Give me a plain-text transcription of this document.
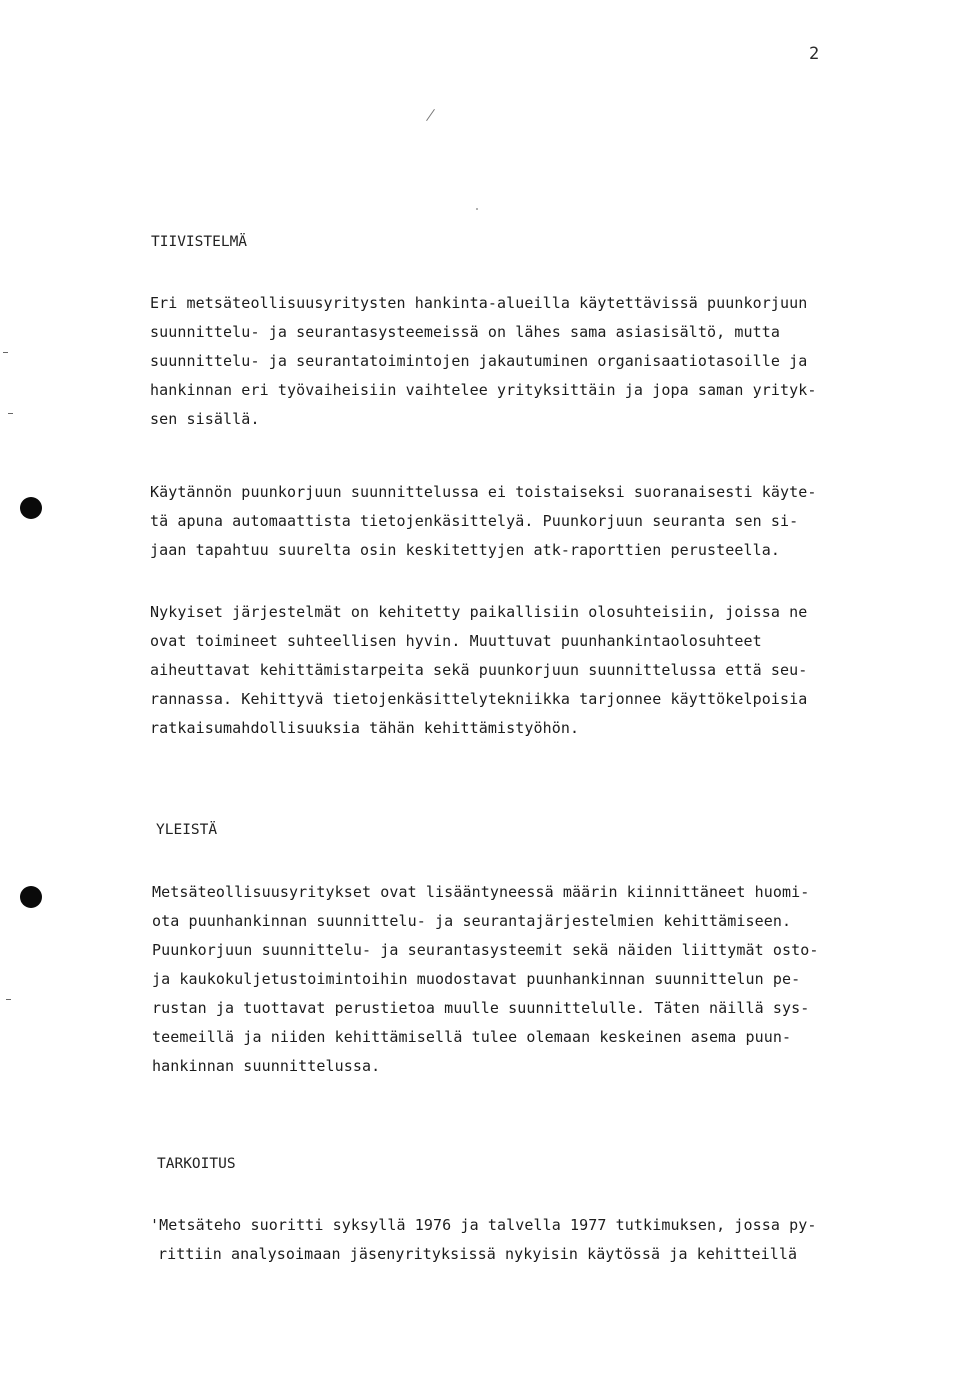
2
TIIVISTELMÄ
Eri metsäteollisuusyritysten hankinta-alueilla käytettävissä puunkorjuun
suunnittelu- ja seurantasysteemeissä on lähes sama asiasisältö, mutta
suunnittelu- ja seurantatoimintojen jakautuminen organisaatiotasoille ja
hankinnan eri työvaiheisiin vaihtelee yrityksittäin ja jopa saman yrityk-
sen sisällä.
Käytännön puunkorjuun suunnittelussa ei toistaiseksi suoranaisesti käyte-
tä apuna automaattista tietojenkäsittelyä. Puunkorjuun seuranta sen si-
jaan tapahtuu suurelta osin keskitettyjen atk-raporttien perusteella.
Nykyiset järjestelmät on kehitetty paikallisiin olosuhteisiin, joissa ne
ovat toimineet suhteellisen hyvin. Muuttuvat puunhankintaolosuhteet
aiheuttavat kehittämistarpeita sekä puunkorjuun suunnittelussa että seu-
rannassa. Kehittyvä tietojenkäsittelytekniikka tarjonnee käyttökelpoisia
ratkaisumahdollisuuksia tähän kehittämistyöhön.
YLEISTÄ
Metsäteollisuusyritykset ovat lisääntyneessä määrin kiinnittäneet huomi-
ota puunhankinnan suunnittelu- ja seurantajärjestelmien kehittämiseen.
Puunkorjuun suunnittelu- ja seurantasysteemit sekä näiden liittymät osto-
ja kaukokuljetustoimintoihin muodostavat puunhankinnan suunnittelun pe-
rustan ja tuottavat perustietoa muulle suunnittelulle. Täten näillä sys-
teemeillä ja niiden kehittämisellä tulee olemaan keskeinen asema puun-
hankinnan suunnittelussa.
TARKOITUS
'Metsäteho suoritti syksyllä 1976 ja talvella 1977 tutkimuksen, jossa py-
rittiin analysoimaan jäsenyrityksissä nykyisin käytössä ja kehitteillä
